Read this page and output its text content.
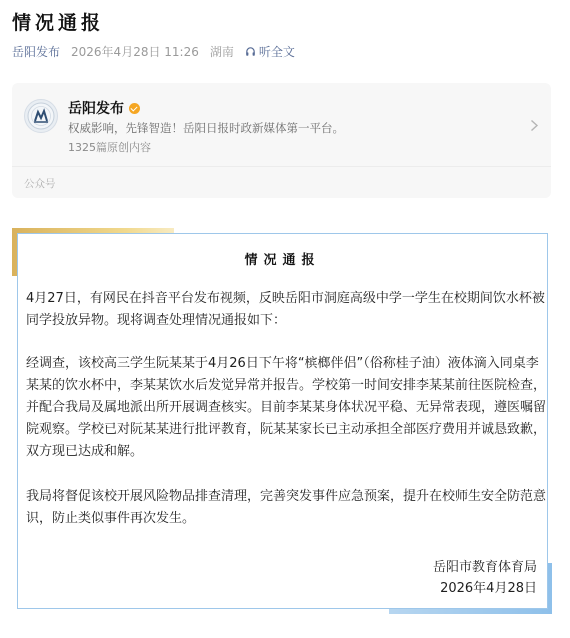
情况通报
岳阳发布 2026年4月28日 11:26 湖南 听全文
岳阳发布
权威影响，先锋智造！岳阳日报时政新媒体第一平台。
1325篇原创内容
公众号
情况通报
4月27日，有网民在抖音平台发布视频，反映岳阳市洞庭高级中学一学生在校期间饮水杯被同学投放异物。现将调查处理情况通报如下：
经调查，该校高三学生阮某某于4月26日下午将“槟榔伴侣”（俗称桂子油）液体滴入同桌李某某的饮水杯中，李某某饮水后发觉异常并报告。学校第一时间安排李某某前往医院检查，并配合我局及属地派出所开展调查核实。目前李某某身体状况平稳、无异常表现，遵医嘱留院观察。学校已对阮某某进行批评教育，阮某某家长已主动承担全部医疗费用并诚恳致歉，双方现已达成和解。
我局将督促该校开展风险物品排查清理，完善突发事件应急预案，提升在校师生安全防范意识，防止类似事件再次发生。
岳阳市教育体育局
2026年4月28日
